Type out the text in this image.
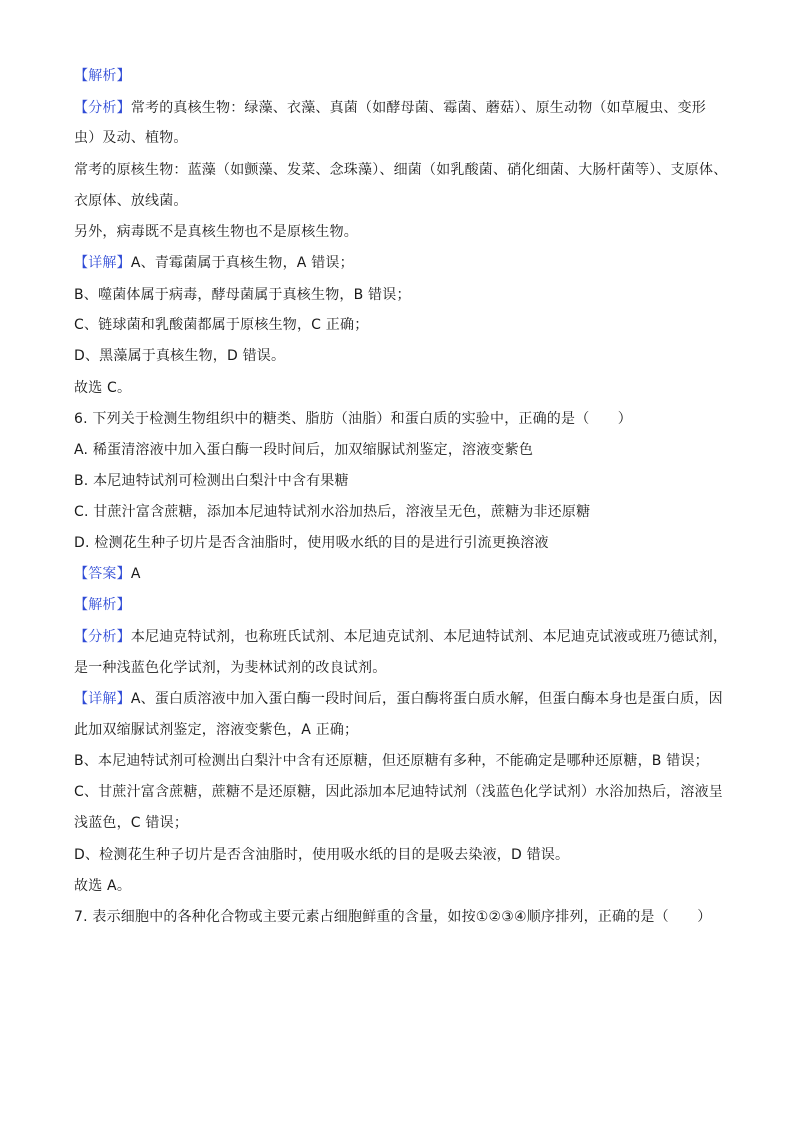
【解析】
【分析】常考的真核生物：绿藻、衣藻、真菌（如酵母菌、霉菌、蘑菇）、原生动物（如草履虫、变形
虫）及动、植物。
常考的原核生物：蓝藻（如颤藻、发菜、念珠藻）、细菌（如乳酸菌、硝化细菌、大肠杆菌等）、支原体、
衣原体、放线菌。
另外，病毒既不是真核生物也不是原核生物。
【详解】A、青霉菌属于真核生物，A 错误；
B、噬菌体属于病毒，酵母菌属于真核生物，B 错误；
C、链球菌和乳酸菌都属于原核生物，C 正确；
D、黑藻属于真核生物，D 错误。
故选 C。
6. 下列关于检测生物组织中的糖类、脂肪（油脂）和蛋白质的实验中，正确的是（　　）
A. 稀蛋清溶液中加入蛋白酶一段时间后，加双缩脲试剂鉴定，溶液变紫色
B. 本尼迪特试剂可检测出白梨汁中含有果糖
C. 甘蔗汁富含蔗糖，添加本尼迪特试剂水浴加热后，溶液呈无色，蔗糖为非还原糖
D. 检测花生种子切片是否含油脂时，使用吸水纸的目的是进行引流更换溶液
【答案】A
【解析】
【分析】本尼迪克特试剂，也称班氏试剂、本尼迪克试剂、本尼迪特试剂、本尼迪克试液或班乃德试剂，
是一种浅蓝色化学试剂，为斐林试剂的改良试剂。
【详解】A、蛋白质溶液中加入蛋白酶一段时间后，蛋白酶将蛋白质水解，但蛋白酶本身也是蛋白质，因
此加双缩脲试剂鉴定，溶液变紫色，A 正确；
B、本尼迪特试剂可检测出白梨汁中含有还原糖，但还原糖有多种，不能确定是哪种还原糖，B 错误；
C、甘蔗汁富含蔗糖，蔗糖不是还原糖，因此添加本尼迪特试剂（浅蓝色化学试剂）水浴加热后，溶液呈
浅蓝色，C 错误；
D、检测花生种子切片是否含油脂时，使用吸水纸的目的是吸去染液，D 错误。
故选 A。
7. 表示细胞中的各种化合物或主要元素占细胞鲜重的含量，如按①②③④顺序排列，正确的是（　　）
